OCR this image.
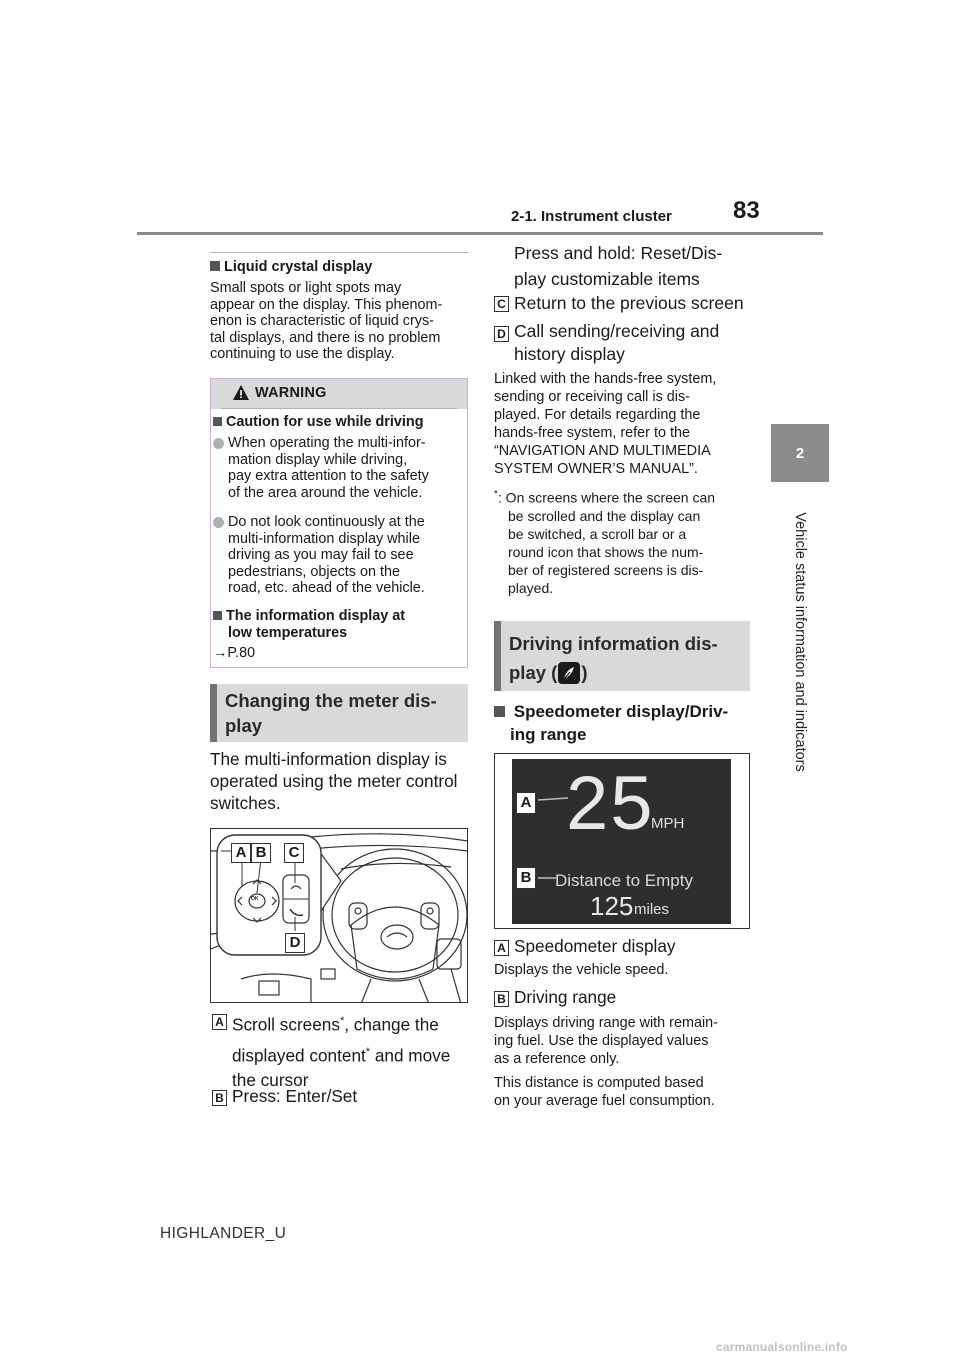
2-1. Instrument cluster	83
2
Vehicle status information and indicators
Liquid crystal display
Small spots or light spots may
appear on the display. This phenom-
enon is characteristic of liquid crys-
tal displays, and there is no problem
continuing to use the display.
WARNING
Caution for use while driving
When operating the multi-infor-
mation display while driving,
pay extra attention to the safety
of the area around the vehicle.
Do not look continuously at the
multi-information display while
driving as you may fail to see
pedestrians, objects on the
road, etc. ahead of the vehicle.
The information display at
low temperatures
→P.80
Changing the meter dis-
play
The multi-information display is
operated using the meter control
switches.
A B	C
D
OK
A Scroll screens*, change the
displayed content* and move
the cursor
B Press: Enter/Set
Press and hold: Reset/Dis-
play customizable items
C Return to the previous screen
D Call sending/receiving and
history display
Linked with the hands-free system,
sending or receiving call is dis-
played. For details regarding the
hands-free system, refer to the
“NAVIGATION AND MULTIMEDIA
SYSTEM OWNER’S MANUAL”.
*: On screens where the screen can
be scrolled and the display can
be switched, a scroll bar or a
round icon that shows the num-
ber of registered screens is dis-
played.
Driving information dis-
play ( )
Speedometer display/Driv-
ing range
25
MPH
Distance to Empty
125 miles
A
B
A Speedometer display
Displays the vehicle speed.
B Driving range
Displays driving range with remain-
ing fuel. Use the displayed values
as a reference only.
This distance is computed based
on your average fuel consumption.
HIGHLANDER_U
carmanualsonline.info
